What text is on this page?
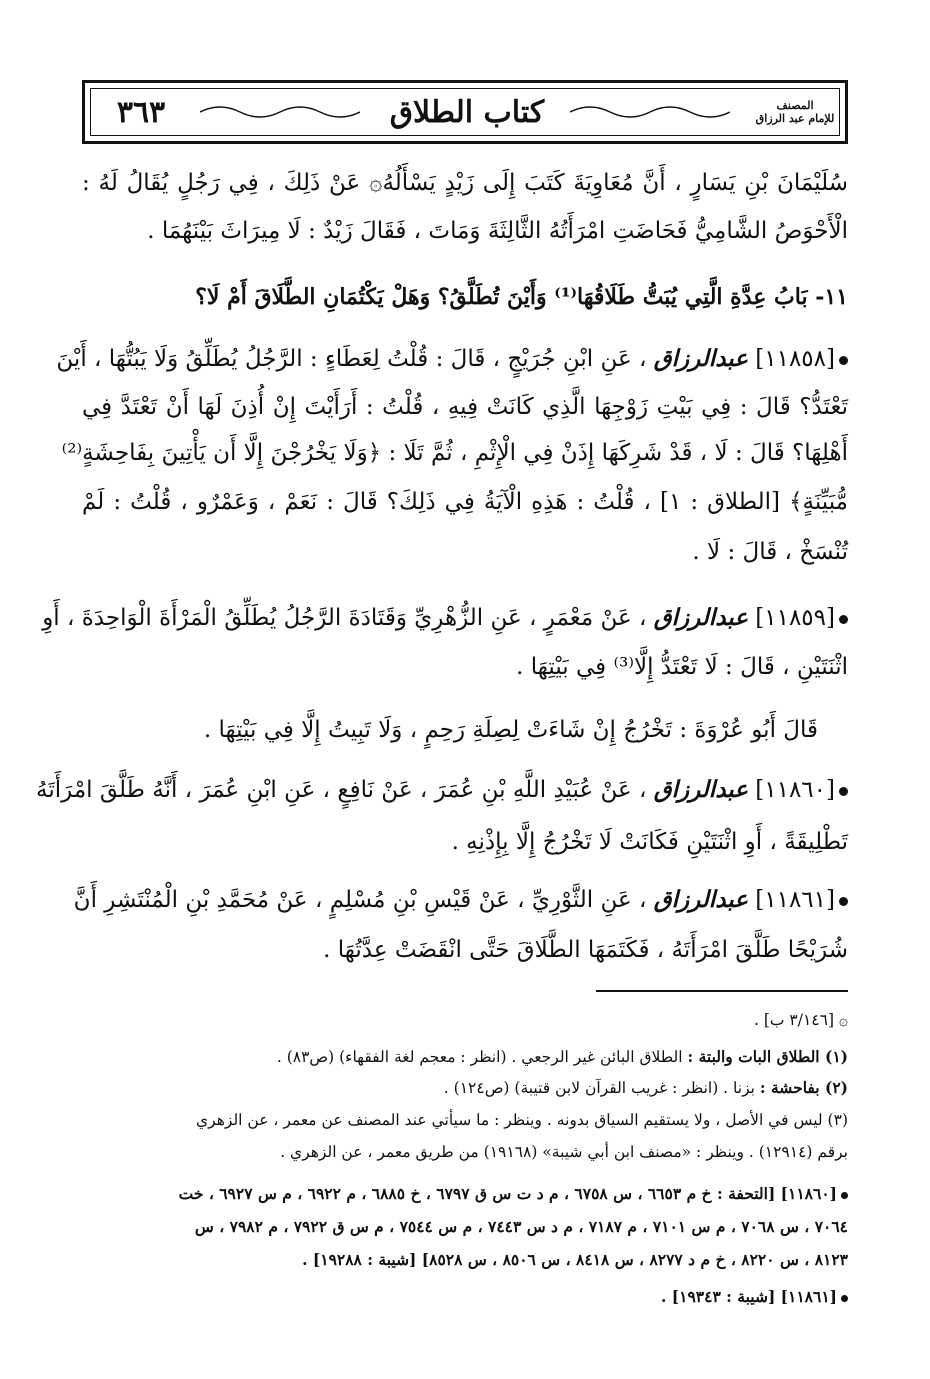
٣٦٣	كتاب الطلاق	المصنف
للإمام عبد الرزاق
سُلَيْمَانَ بْنِ يَسَارٍ ، أَنَّ مُعَاوِيَةَ كَتَبَ إِلَى زَيْدٍ يَسْأَلُهُ۞ عَنْ ذَلِكَ ، فِي رَجُلٍ يُقَالُ لَهُ :
الْأَحْوَصُ الشَّامِيُّ فَحَاضَتِ امْرَأَتُهُ الثَّالِثَةَ وَمَاتَ ، فَقَالَ زَيْدٌ : لَا مِيرَاثَ بَيْنَهُمَا .
١١- بَابُ عِدَّةِ الَّتِي يُبَتُّ طَلَاقُهَا⁽¹⁾ وَأَيْنَ تُطَلَّقُ؟ وَهَلْ يَكْتُمَانِ الطَّلَاقَ أَمْ لَا؟
[١١٨٥٨] عبدالرزاق ، عَنِ ابْنِ جُرَيْجٍ ، قَالَ : قُلْتُ لِعَطَاءٍ : الرَّجُلُ يُطَلِّقُ وَلَا يَبُتُّهَا ، أَيْنَ
تَعْتَدُّ؟ قَالَ : فِي بَيْتِ زَوْجِهَا الَّذِي كَانَتْ فِيهِ ، قُلْتُ : أَرَأَيْتَ إِنْ أُذِنَ لَهَا أَنْ تَعْتَدَّ فِي
أَهْلِهَا؟ قَالَ : لَا ، قَدْ شَرِكَهَا إِذَنْ فِي الْإِثْمِ ، ثُمَّ تَلَا : ﴿وَلَا يَخْرُجْنَ إِلَّا أَن يَأْتِينَ بِفَاحِشَةٍ⁽²⁾
مُّبَيِّنَةٍ﴾ [الطلاق : ١] ، قُلْتُ : هَذِهِ الْآيَةُ فِي ذَلِكَ؟ قَالَ : نَعَمْ ، وَعَمْرٌو ، قُلْتُ : لَمْ
تُنْسَخْ ، قَالَ : لَا .
[١١٨٥٩] عبدالرزاق ، عَنْ مَعْمَرٍ ، عَنِ الزُّهْرِيِّ وَقَتَادَةَ الرَّجُلُ يُطَلِّقُ الْمَرْأَةَ الْوَاحِدَةَ ، أَوِ
اثْنَتَيْنِ ، قَالَ : لَا تَعْتَدُّ إِلَّا⁽³⁾ فِي بَيْتِهَا .
قَالَ أَبُو عُرْوَةَ : تَخْرُجُ إِنْ شَاءَتْ لِصِلَةِ رَحِمٍ ، وَلَا تَبِيتُ إِلَّا فِي بَيْتِهَا .
[١١٨٦٠] عبدالرزاق ، عَنْ عُبَيْدِ اللَّهِ بْنِ عُمَرَ ، عَنْ نَافِعٍ ، عَنِ ابْنِ عُمَرَ ، أَنَّهُ طَلَّقَ امْرَأَتَهُ
تَطْلِيقَةً ، أَوِ اثْنَتَيْنِ فَكَانَتْ لَا تَخْرُجُ إِلَّا بِإِذْنِهِ .
[١١٨٦١] عبدالرزاق ، عَنِ الثَّوْرِيِّ ، عَنْ قَيْسِ بْنِ مُسْلِمٍ ، عَنْ مُحَمَّدِ بْنِ الْمُنْتَشِرِ أَنَّ
شُرَيْحًا طَلَّقَ امْرَأَتَهُ ، فَكَتَمَهَا الطَّلَاقَ حَتَّى انْقَضَتْ عِدَّتُهَا .
۞ [٣/١٤٦ ب] .
(١) الطلاق البات والبتة : الطلاق البائن غير الرجعي . (انظر : معجم لغة الفقهاء) (ص٨٣) .
(٢) بفاحشة : بزنا . (انظر : غريب القرآن لابن قتيبة) (ص١٢٤) .
(٣) ليس في الأصل ، ولا يستقيم السياق بدونه . وينظر : ما سيأتي عند المصنف عن معمر ، عن الزهري
برقم (١٢٩١٤) . وينظر : «مصنف ابن أبي شيبة» (١٩١٦٨) من طريق معمر ، عن الزهري .
[١١٨٦٠] [التحفة : خ م ٦٦٥٣ ، س ٦٧٥٨ ، م د ت س ق ٦٧٩٧ ، خ ٦٨٨٥ ، م ٦٩٢٢ ، م س ٦٩٢٧ ، خت
٧٠٦٤ ، س ٧٠٦٨ ، م س ٧١٠١ ، م ٧١٨٧ ، م د س ٧٤٤٣ ، م س ٧٥٤٤ ، م س ق ٧٩٢٢ ، م ٧٩٨٢ ، س
٨١٢٣ ، س ٨٢٢٠ ، خ م د ٨٢٧٧ ، س ٨٤١٨ ، س ٨٥٠٦ ، س ٨٥٢٨] [شيبة : ١٩٢٨٨] .
[١١٨٦١] [شيبة : ١٩٣٤٣] .
